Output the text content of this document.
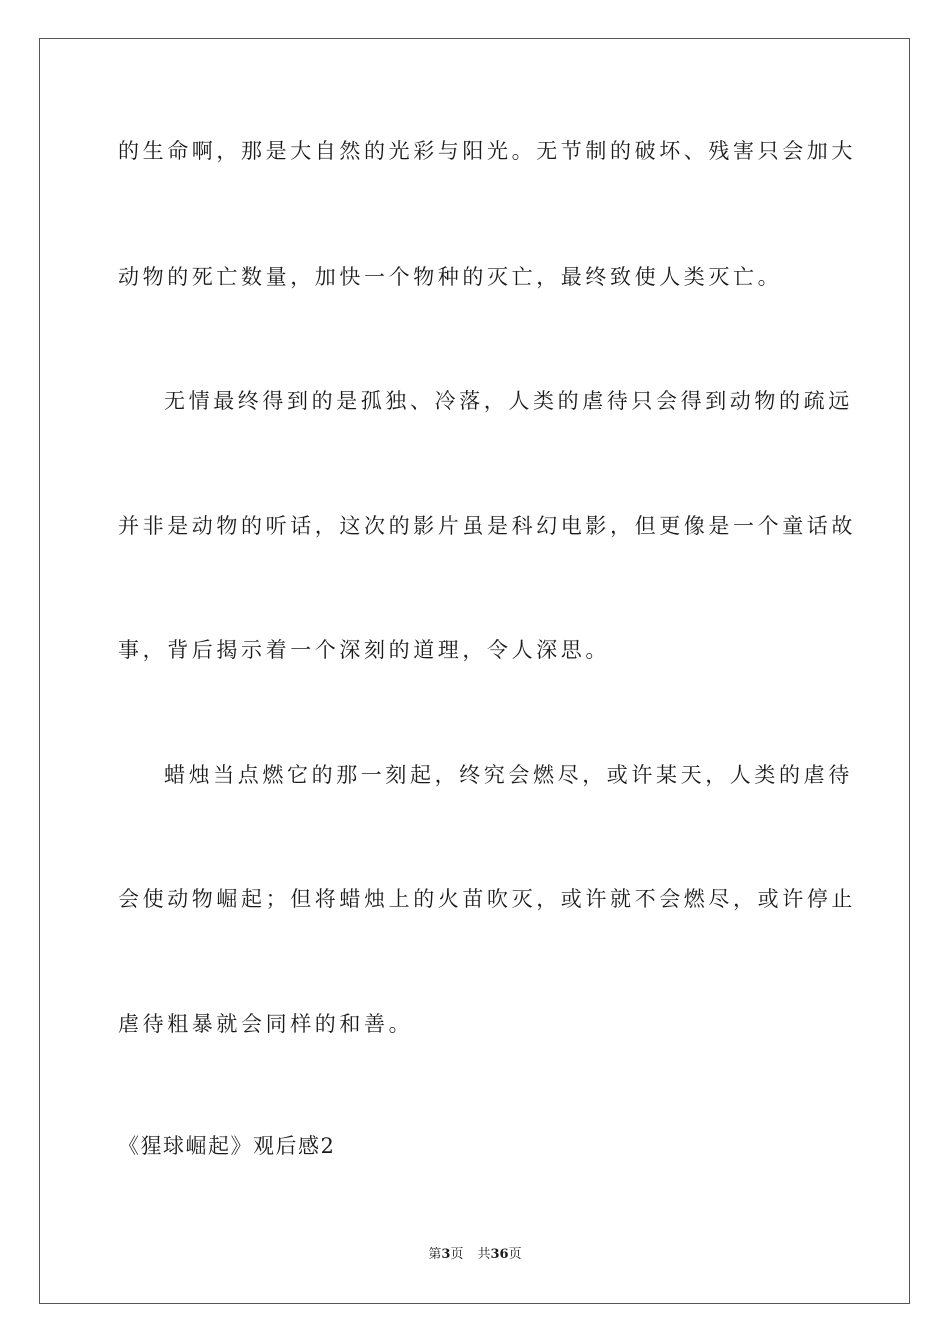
的生命啊，那是大自然的光彩与阳光。无节制的破坏、残害只会加大
动物的死亡数量，加快一个物种的灭亡，最终致使人类灭亡。
无情最终得到的是孤独、冷落，人类的虐待只会得到动物的疏远
并非是动物的听话，这次的影片虽是科幻电影，但更像是一个童话故
事，背后揭示着一个深刻的道理，令人深思。
蜡烛当点燃它的那一刻起，终究会燃尽，或许某天，人类的虐待
会使动物崛起；但将蜡烛上的火苗吹灭，或许就不会燃尽，或许停止
虐待粗暴就会同样的和善。
《猩球崛起》观后感2
第3页 共36页
